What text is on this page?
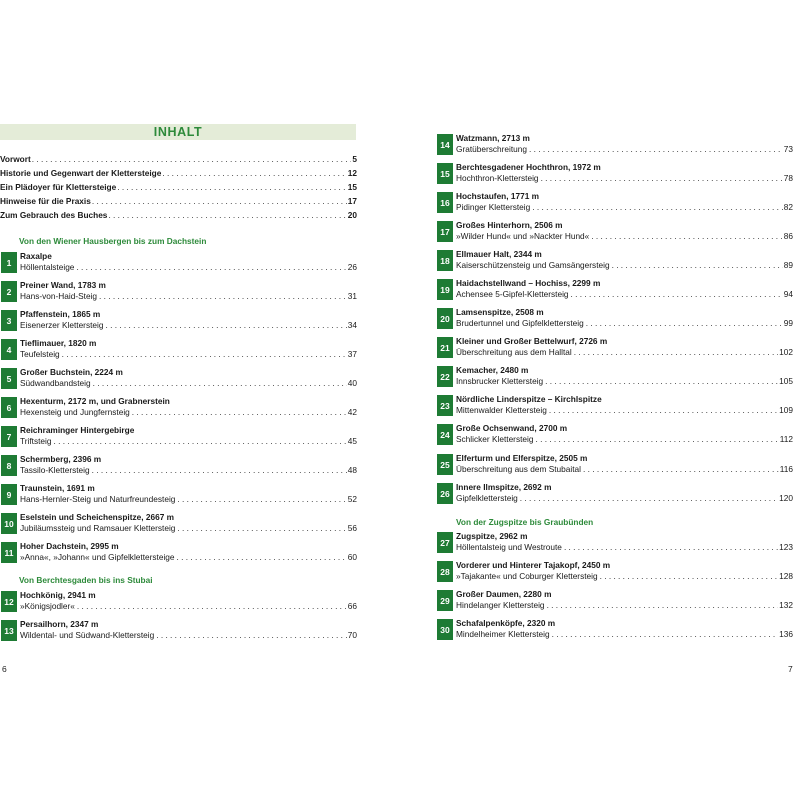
INHALT
Vorwort . . .	5
Historie und Gegenwart der Klettersteige . . .	12
Ein Plädoyer für Klettersteige . . .	15
Hinweise für die Praxis . . .	17
Zum Gebrauch des Buches . . .	20
Von den Wiener Hausbergen bis zum Dachstein
Von Berchtesgaden bis ins Stubai
6
Von der Zugspitze bis Graubünden
7
1
Raxalpe
Höllentalsteige . . .	26
2
Preiner Wand, 1783 m
Hans-von-Haid-Steig . . .	31
3
Pfaffenstein, 1865 m
Eisenerzer Klettersteig . . .	34
4
Tieflimauer, 1820 m
Teufelsteig . . .	37
5
Großer Buchstein, 2224 m
Südwandbandsteig . . .	40
6
Hexenturm, 2172 m, und Grabnerstein
Hexensteig und Jungfernsteig . . .	42
7
Reichraminger Hintergebirge
Triftsteig . . .	45
8
Schermberg, 2396 m
Tassilo-Klettersteig . . .	48
9
Traunstein, 1691 m
Hans-Hernler-Steig und Naturfreundesteig . . .	52
10
Eselstein und Scheichenspitze, 2667 m
Jubiläumssteig und Ramsauer Klettersteig . . .	56
11
Hoher Dachstein, 2995 m
»Anna«, »Johann« und Gipfelklettersteige . . .	60
12
Hochkönig, 2941 m
»Königsjodler« . . .	66
13
Persailhorn, 2347 m
Wildental- und Südwand-Klettersteig . . .	70
14
Watzmann, 2713 m
Gratüberschreitung . . .	73
15
Berchtesgadener Hochthron, 1972 m
Hochthron-Klettersteig . . .	78
16
Hochstaufen, 1771 m
Pidinger Klettersteig . . .	82
17
Großes Hinterhorn, 2506 m
»Wilder Hund« und »Nackter Hund« . . .	86
18
Ellmauer Halt, 2344 m
Kaiserschützensteig und Gamsängersteig . . .	89
19
Haidachstellwand – Hochiss, 2299 m
Achensee 5-Gipfel-Klettersteig . . .	94
20
Lamsenspitze, 2508 m
Brudertunnel und Gipfelklettersteig . . .	99
21
Kleiner und Großer Bettelwurf, 2726 m
Überschreitung aus dem Halltal . . .	102
22
Kemacher, 2480 m
Innsbrucker Klettersteig . . .	105
23
Nördliche Linderspitze – Kirchlspitze
Mittenwalder Klettersteig . . .	109
24
Große Ochsenwand, 2700 m
Schlicker Klettersteig . . .	112
25
Elferturm und Elferspitze, 2505 m
Überschreitung aus dem Stubaital . . .	116
26
Innere Ilmspitze, 2692 m
Gipfelklettersteig . . .	120
27
Zugspitze, 2962 m
Höllentalsteig und Westroute . . .	123
28
Vorderer und Hinterer Tajakopf, 2450 m
»Tajakante« und Coburger Klettersteig . . .	128
29
Großer Daumen, 2280 m
Hindelanger Klettersteig . . .	132
30
Schafalpenköpfe, 2320 m
Mindelheimer Klettersteig . . .	136
